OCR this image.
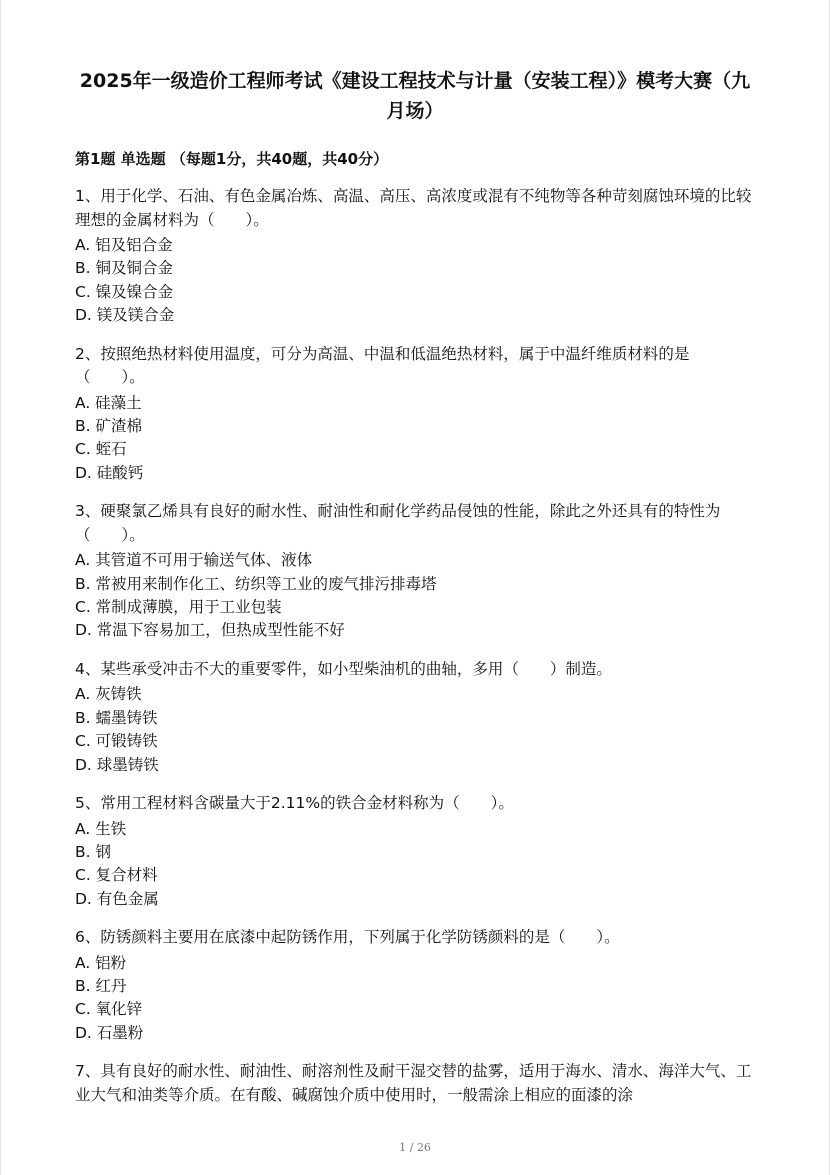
2025年一级造价工程师考试《建设工程技术与计量（安装工程）》模考大赛（九月场）
第1题 单选题 （每题1分，共40题，共40分）
1、用于化学、石油、有色金属冶炼、高温、高压、高浓度或混有不纯物等各种苛刻腐蚀环境的比较理想的金属材料为（　　）。
A. 铝及铝合金
B. 铜及铜合金
C. 镍及镍合金
D. 镁及镁合金
2、按照绝热材料使用温度，可分为高温、中温和低温绝热材料，属于中温纤维质材料的是（　　）。
A. 硅藻土
B. 矿渣棉
C. 蛭石
D. 硅酸钙
3、硬聚氯乙烯具有良好的耐水性、耐油性和耐化学药品侵蚀的性能，除此之外还具有的特性为（　　）。
A. 其管道不可用于输送气体、液体
B. 常被用来制作化工、纺织等工业的废气排污排毒塔
C. 常制成薄膜，用于工业包装
D. 常温下容易加工，但热成型性能不好
4、某些承受冲击不大的重要零件，如小型柴油机的曲轴，多用（　　）制造。
A. 灰铸铁
B. 蠕墨铸铁
C. 可锻铸铁
D. 球墨铸铁
5、常用工程材料含碳量大于2.11%的铁合金材料称为（　　）。
A. 生铁
B. 钢
C. 复合材料
D. 有色金属
6、防锈颜料主要用在底漆中起防锈作用，下列属于化学防锈颜料的是（　　）。
A. 铝粉
B. 红丹
C. 氧化锌
D. 石墨粉
7、具有良好的耐水性、耐油性、耐溶剂性及耐干湿交替的盐雾，适用于海水、清水、海洋大气、工业大气和油类等介质。在有酸、碱腐蚀介质中使用时，一般需涂上相应的面漆的涂
1 / 26
